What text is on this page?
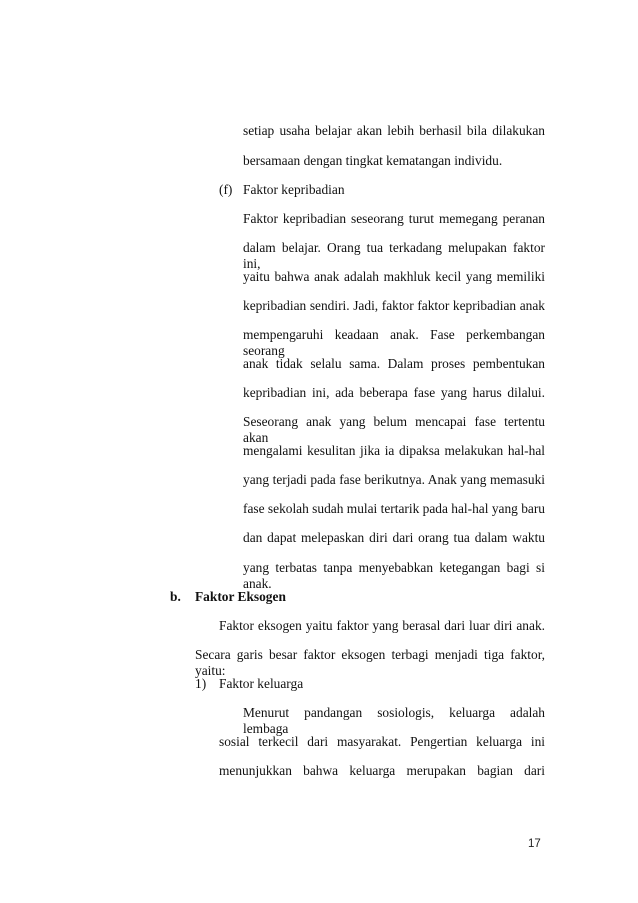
setiap usaha belajar akan lebih berhasil bila dilakukan
bersamaan dengan tingkat kematangan individu.
(f) Faktor kepribadian
Faktor kepribadian seseorang turut memegang peranan
dalam belajar. Orang tua terkadang melupakan faktor ini,
yaitu bahwa anak adalah makhluk kecil yang memiliki
kepribadian sendiri. Jadi, faktor faktor kepribadian anak
mempengaruhi keadaan anak. Fase perkembangan seorang
anak tidak selalu sama. Dalam proses pembentukan
kepribadian ini, ada beberapa fase yang harus dilalui.
Seseorang anak yang belum mencapai fase tertentu akan
mengalami kesulitan jika ia dipaksa melakukan hal-hal
yang terjadi pada fase berikutnya. Anak yang memasuki
fase sekolah sudah mulai tertarik pada hal-hal yang baru
dan dapat melepaskan diri dari orang tua dalam waktu
yang terbatas tanpa menyebabkan ketegangan bagi si anak.
b. Faktor Eksogen
Faktor eksogen yaitu faktor yang berasal dari luar diri anak.
Secara garis besar faktor eksogen terbagi menjadi tiga faktor, yaitu:
1) Faktor keluarga
Menurut pandangan sosiologis, keluarga adalah lembaga
sosial terkecil dari masyarakat. Pengertian keluarga ini
menunjukkan bahwa keluarga merupakan bagian dari
17
